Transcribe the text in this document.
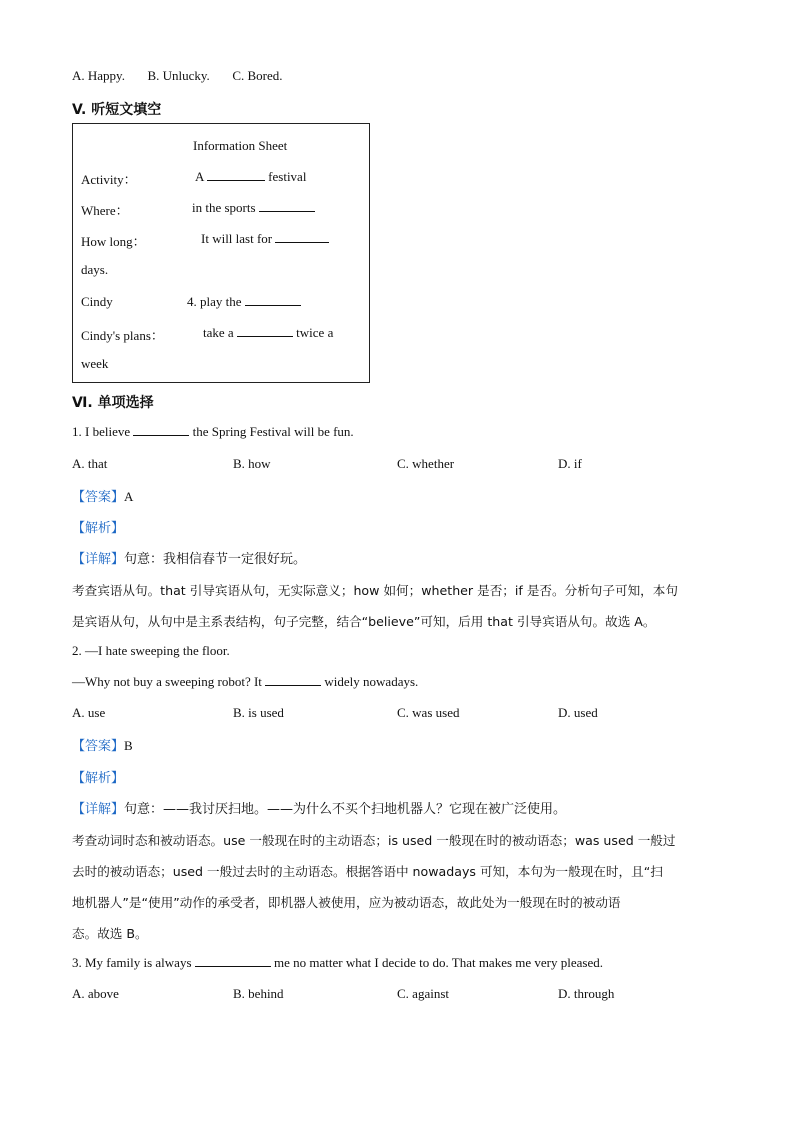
A. Happy. B. Unlucky. C. Bored.
V. 听短文填空
Information Sheet
Activity：	A	festival
Where：	in the sports
How long：	It will last for
days.
Cindy	4. play the
Cindy's plans：	take a	twice a
week
Ⅵ. 单项选择
1. I believe	the Spring Festival will be fun.
A. that	B. how	C. whether	D. if
【答案】A
【解析】
【详解】句意：我相信春节一定很好玩。
考查宾语从句。that 引导宾语从句，无实际意义；how 如何；whether 是否；if 是否。分析句子可知，本句
是宾语从句，从句中是主系表结构，句子完整，结合“believe”可知，后用 that 引导宾语从句。故选 A。
2. —I hate sweeping the floor.
—Why not buy a sweeping robot? It	widely nowadays.
A. use	B. is used	C. was used	D. used
【答案】B
【解析】
【详解】句意：——我讨厌扫地。——为什么不买个扫地机器人？它现在被广泛使用。
考查动词时态和被动语态。use 一般现在时的主动语态；is used 一般现在时的被动语态；was used 一般过
去时的被动语态；used 一般过去时的主动语态。根据答语中 nowadays 可知，本句为一般现在时，且“扫
地机器人”是“使用”动作的承受者，即机器人被使用，应为被动语态，故此处为一般现在时的被动语
态。故选 B。
3. My family is always	me no matter what I decide to do. That makes me very pleased.
A. above	B. behind	C. against	D. through
